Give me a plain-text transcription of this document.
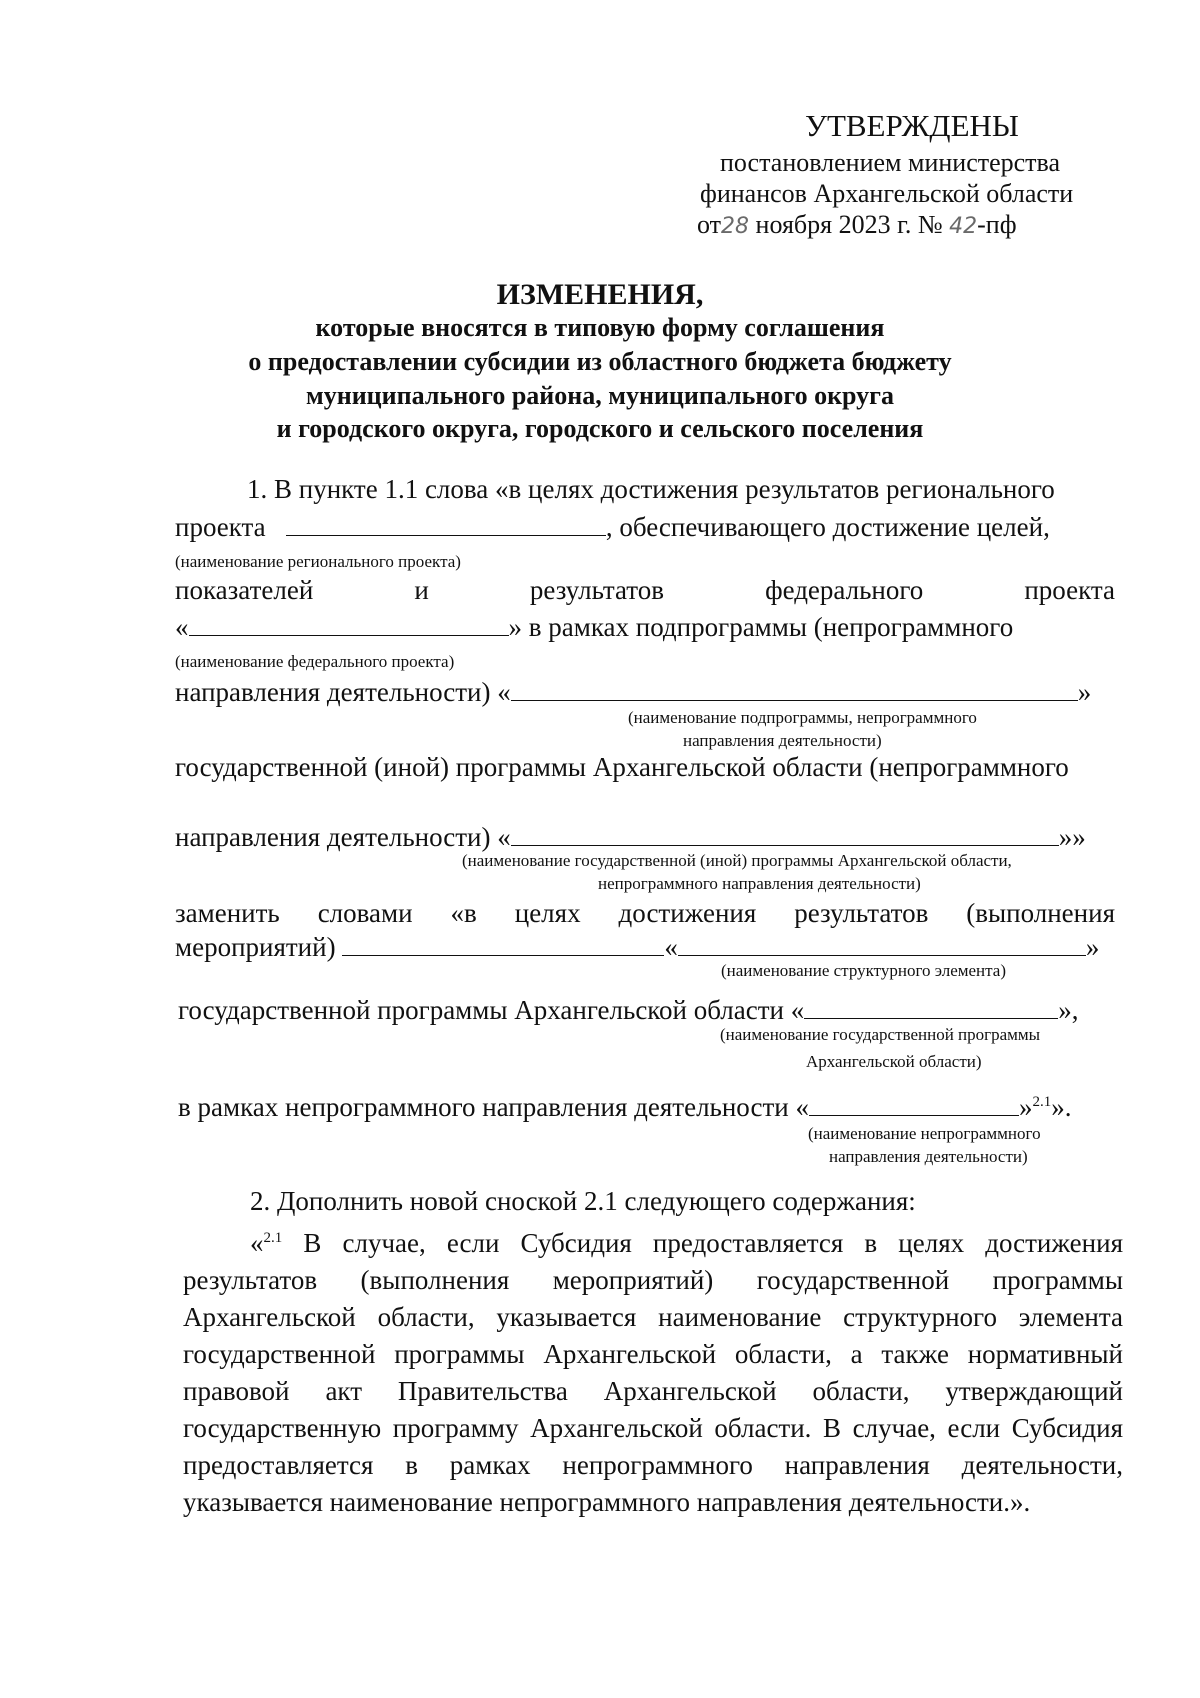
УТВЕРЖДЕНЫ
постановлением министерства
финансов Архангельской области
от28 ноября 2023 г. № 42-пф
ИЗМЕНЕНИЯ,
которые вносятся в типовую форму соглашения
о предоставлении субсидии из областного бюджета бюджету
муниципального района, муниципального округа
и городского округа, городского и сельского поселения
1. В пункте 1.1 слова «в целях достижения результатов регионального
проекта	, обеспечивающего достижение целей,
(наименование регионального проекта)
показателей и результатов федерального проекта
«	» в рамках подпрограммы (непрограммного
(наименование федерального проекта)
направления деятельности) «	»
(наименование подпрограммы, непрограммного
направления деятельности)
государственной (иной) программы Архангельской области (непрограммного
направления деятельности) «	»»
(наименование государственной (иной) программы Архангельской области,
непрограммного направления деятельности)
заменить словами «в целях достижения результатов (выполнения
мероприятий)	«	»
(наименование структурного элемента)
государственной программы Архангельской области «	»,
(наименование государственной программы
Архангельской области)
в рамках непрограммного направления деятельности «	»$^{2.1}$».
(наименование непрограммного
направления деятельности)
2. Дополнить новой сноской 2.1 следующего содержания:
«$^{2.1}$ В случае, если Субсидия предоставляется в целях достижения результатов (выполнения мероприятий) государственной программы Архангельской области, указывается наименование структурного элемента государственной программы Архангельской области, а также нормативный правовой акт Правительства Архангельской области, утверждающий государственную программу Архангельской области. В случае, если Субсидия предоставляется в рамках непрограммного направления деятельности, указывается наименование непрограммного направления деятельности.».
